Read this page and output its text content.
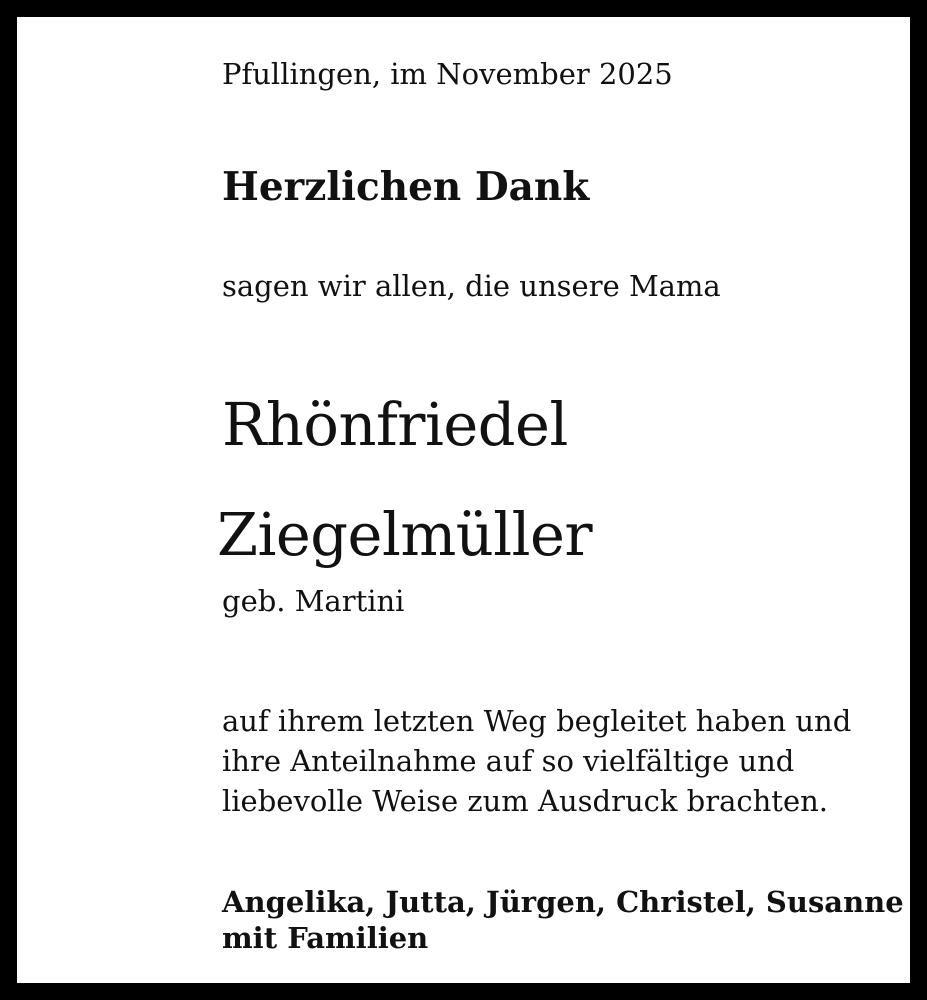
Pfullingen, im November 2025

Herzlichen Dank

sagen wir allen, die unsere Mama

Rhönfriedel

Ziegelmüller

geb. Martini

auf ihrem letzten Weg begleitet haben und
ihre Anteilnahme auf so vielfältige und
liebevolle Weise zum Ausdruck brachten.

Angelika, Jutta, Jürgen, Christel, Susanne
mit Familien
